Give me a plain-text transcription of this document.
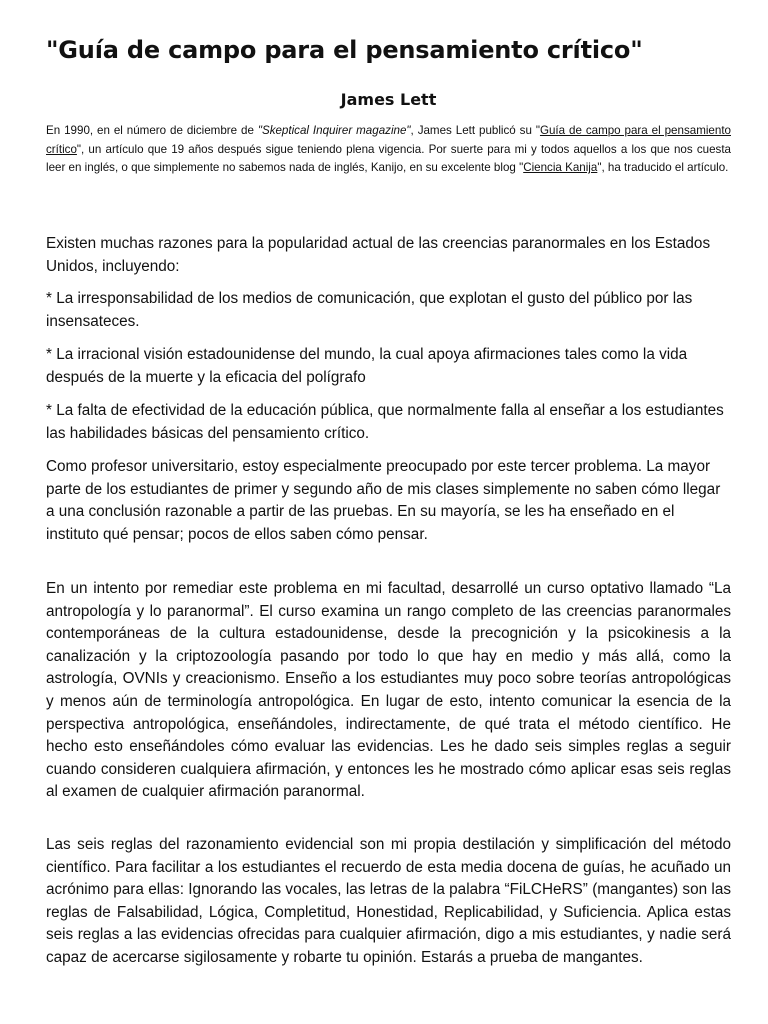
"Guía de campo para el pensamiento crítico"

James Lett

En 1990, en el número de diciembre de "Skeptical Inquirer magazine", James Lett publicó su "Guía de campo para el pensamiento crítico", un artículo que 19 años después sigue teniendo plena vigencia. Por suerte para mi y todos aquellos a los que nos cuesta leer en inglés, o que simplemente no sabemos nada de inglés, Kanijo, en su excelente blog "Ciencia Kanija", ha traducido el artículo.

Existen muchas razones para la popularidad actual de las creencias paranormales en los Estados Unidos, incluyendo:

* La irresponsabilidad de los medios de comunicación, que explotan el gusto del público por las insensateces.

* La irracional visión estadounidense del mundo, la cual apoya afirmaciones tales como la vida después de la muerte y la eficacia del polígrafo

* La falta de efectividad de la educación pública, que normalmente falla al enseñar a los estudiantes las habilidades básicas del pensamiento crítico.

Como profesor universitario, estoy especialmente preocupado por este tercer problema. La mayor parte de los estudiantes de primer y segundo año de mis clases simplemente no saben cómo llegar a una conclusión razonable a partir de las pruebas. En su mayoría, se les ha enseñado en el instituto qué pensar; pocos de ellos saben cómo pensar.

En un intento por remediar este problema en mi facultad, desarrollé un curso optativo llamado “La antropología y lo paranormal”. El curso examina un rango completo de las creencias paranormales contemporáneas de la cultura estadounidense, desde la precognición y la psicokinesis a la canalización y la criptozoología pasando por todo lo que hay en medio y más allá, como la astrología, OVNIs y creacionismo. Enseño a los estudiantes muy poco sobre teorías antropológicas y menos aún de terminología antropológica. En lugar de esto, intento comunicar la esencia de la perspectiva antropológica, enseñándoles, indirectamente, de qué trata el método científico. He hecho esto enseñándoles cómo evaluar las evidencias. Les he dado seis simples reglas a seguir cuando consideren cualquiera afirmación, y entonces les he mostrado cómo aplicar esas seis reglas al examen de cualquier afirmación paranormal.

Las seis reglas del razonamiento evidencial son mi propia destilación y simplificación del método científico. Para facilitar a los estudiantes el recuerdo de esta media docena de guías, he acuñado un acrónimo para ellas: Ignorando las vocales, las letras de la palabra “FiLCHeRS” (mangantes) son las reglas de Falsabilidad, Lógica, Completitud, Honestidad, Replicabilidad, y Suficiencia. Aplica estas seis reglas a las evidencias ofrecidas para cualquier afirmación, digo a mis estudiantes, y nadie será capaz de acercarse sigilosamente y robarte tu opinión. Estarás a prueba de mangantes.
